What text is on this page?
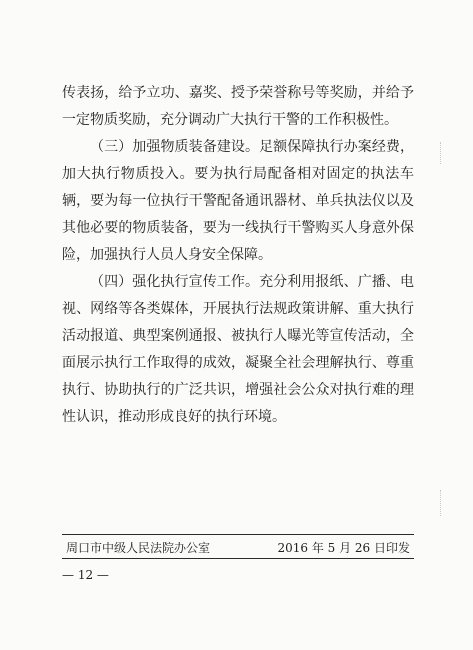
传表扬，给予立功、嘉奖、授予荣誉称号等奖励，并给予一定物质奖励，充分调动广大执行干警的工作积极性。

（三）加强物质装备建设。足额保障执行办案经费，加大执行物质投入。要为执行局配备相对固定的执法车辆，要为每一位执行干警配备通讯器材、单兵执法仪以及其他必要的物质装备，要为一线执行干警购买人身意外保险，加强执行人员人身安全保障。

（四）强化执行宣传工作。充分利用报纸、广播、电视、网络等各类媒体，开展执行法规政策讲解、重大执行活动报道、典型案例通报、被执行人曝光等宣传活动，全面展示执行工作取得的成效，凝聚全社会理解执行、尊重执行、协助执行的广泛共识，增强社会公众对执行难的理性认识，推动形成良好的执行环境。

周口市中级人民法院办公室	2016 年 5 月 26 日印发
— 12 —
